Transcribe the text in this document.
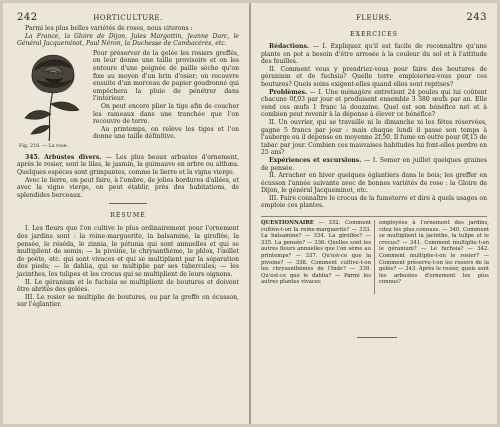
242	HORTICULTURE.

Parmi les plus belles variétés de roses, nous citerons :

La France, la Gloire de Dijon, Jules Margottin, Jeanne Darc, le Général Jacqueminot, Paul Néron, la Duchesse de Cambacérès, etc.

Fig. 218. — La rose.

Pour préserver de la gelée les rosiers greffés, on leur donne une taille provisoire et on les entoure d'une poignée de paille sèche qu'on fixe au moyen d'un brin d'osier; on recouvre ensuite d'un morceau de papier goudronné qui empêchera la pluie de pénétrer dans l'intérieur.

On peut encore plier la tige afin de coucher les rameaux dans une tranchée que l'on recouvre de terre.

Au printemps, on relève les tiges et l'on donne une taille définitive.

345. Arbustes divers. — Les plus beaux arbustes d'ornement, après le rosier, sont le lilas, le jasmin, la guimauve en arbre ou althæa. Quelques espèces sont grimpantes, comme le lierre et la vigne vierge.

Avec le lierre, on peut faire, à l'ombre, de jolies bordures d'allées, et avec la vigne vierge, on peut établir, près des habitations, de splendides berceaux.

RÉSUMÉ

I. Les fleurs que l'on cultive le plus ordinairement pour l'ornement des jardins sont : la reine-marguerite, la balsamine, la giroflée, la pensée, le réséda, le zinnia, le pétunia qui sont annuelles et qui se multiplient de semis; — la pivoine, le chrysanthème, le phlox, l'œillet de poète, etc. qui sont vivaces et qui se multiplient par la séparation des pieds; — le dahlia, qui se multiplie par ses tubercules; — les jacinthes, les tulipes et les crocus qui se multiplient de leurs oignons.

II. Le géranium et le fuchsia se multiplient de boutures et doivent être abrités des gelées.

III. Le rosier se multiplie de boutures, ou par la greffe en écusson, sur l'églantier.

FLEURS.	243
EXERCICES

Rédactions. — I. Expliquez qu'il est facile de reconnaître qu'une plante en pot a besoin d'être arrosée à la couleur du sol et à l'attitude des feuilles.

II. Comment vous y prendriez-vous pour faire des boutures de géranium et de fuchsia? Quelle terre emploieriez-vous pour ces boutures? Quels soins exigent-elles quand elles sont reprises?

Problèmes. — I. Une ménagère entretient 24 poules qui lui coûtent chacune 0f,03 par jour et produisent ensemble 3 380 œufs par an. Elle vend ces œufs 1 franc la douzaine. Quel est son bénéfice net et à combien peut revenir à la dépense à élever ce bénéfice?

II. Un ouvrier, qui se travaille ni le dimanche ni les fêtes réservées, gagne 5 francs par jour : mais chaque lundi il passe son temps à l'auberge où il dépense en moyenne 2f,50. Il fume en outre pour 0f,15 de tabac par jour. Combien ces mauvaises habitudes lui font-elles perdre en 25 ans?

Expériences et excursions. — I. Semer en juillet quelques graines de pensée.

II. Arracher en hiver quelques églantiers dans le bois; les greffer en écusson l'année suivante avec de bonnes variétés de rose : la Gloire de Dijon, le général Jacqueminot, etc.

III. Faire connaître le crocus de la fumeterre et dire à quels usages on emploie ces plantes.

QUESTIONNAIRE — 332. Comment cultive-t-on la reine-marguerite? — 333. La balsamine? — 334. La giroflée? — 335. La pensée? — 336. Quelles sont les autres fleurs annuelles que l'on sème au printemps? — 337. Qu'est-ce que la pivoine? — 338. Comment cultive-t-on les chrysanthèmes de l'Inde? — 339. Qu'est-ce que le dahlia? — Parmi les autres plantes vivaces
employées à l'ornement des jardins, citez les plus connues. — 340. Comment se multiplient la jacinthe, la tulipe et le crocus? — 341. Comment multiplie-t-on le géranium? — Le fuchsia? — 342. Comment multiplie-t-on le rosier? — Comment préserve-t-on les rosiers de la gelée? — 343. Après le rosier, quels sont les arbustes d'ornement les plus connus?
